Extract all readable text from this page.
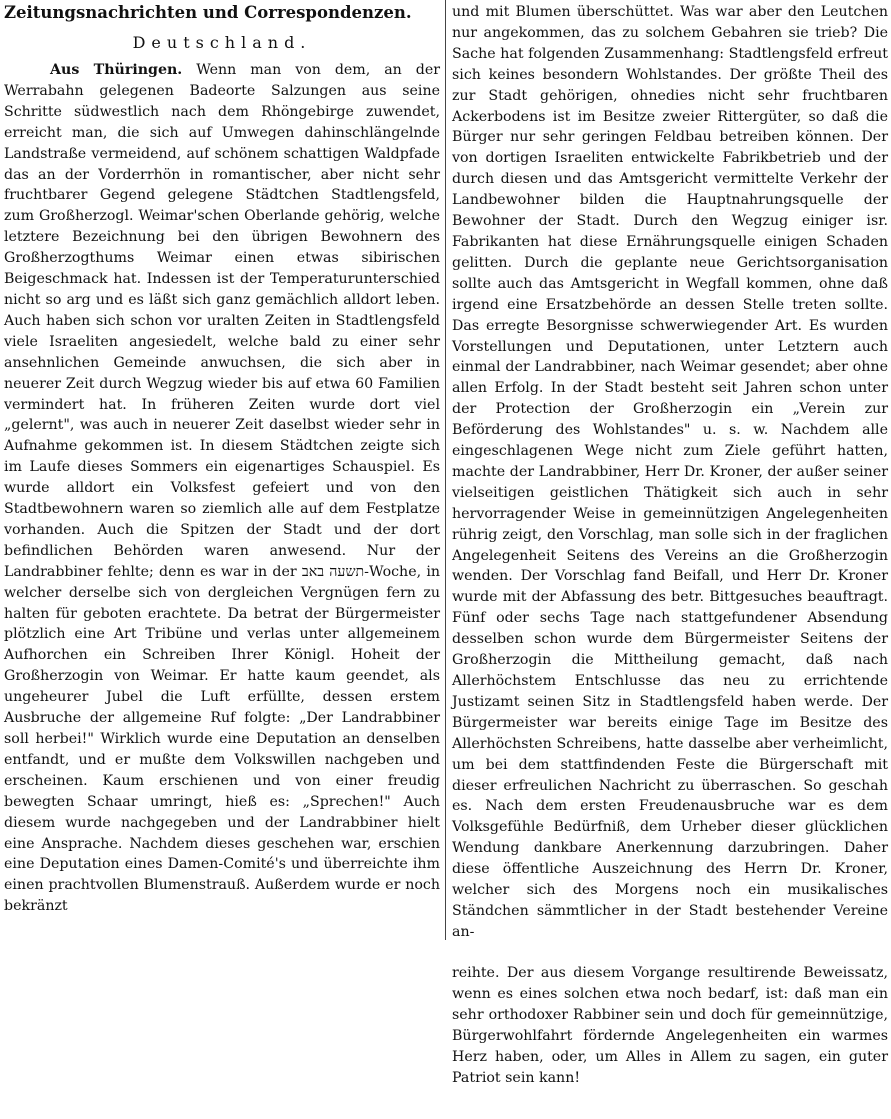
Zeitungsnachrichten und Correspondenzen.
Deutschland.

Aus Thüringen. Wenn man von dem, an der Werrabahn gelegenen Badeorte Salzungen aus seine Schritte südwestlich nach dem Rhöngebirge zuwendet, erreicht man, die sich auf Umwegen dahinschlängelnde Landstraße vermeidend, auf schönem schattigen Waldpfade das an der Vorderrhön in romantischer, aber nicht sehr fruchtbarer Gegend gelegene Städtchen Stadtlengsfeld, zum Großherzogl. Weimar'schen Oberlande gehörig, welche letztere Bezeichnung bei den übrigen Bewohnern des Großherzogthums Weimar einen etwas sibirischen Beigeschmack hat. Indessen ist der Temperaturunterschied nicht so arg und es läßt sich ganz gemächlich alldort leben. Auch haben sich schon vor uralten Zeiten in Stadtlengsfeld viele Israeliten angesiedelt, welche bald zu einer sehr ansehnlichen Gemeinde anwuchsen, die sich aber in neuerer Zeit durch Wegzug wieder bis auf etwa 60 Familien vermindert hat. In früheren Zeiten wurde dort viel „gelernt", was auch in neuerer Zeit daselbst wieder sehr in Aufnahme gekommen ist. In diesem Städtchen zeigte sich im Laufe dieses Sommers ein eigenartiges Schauspiel. Es wurde alldort ein Volksfest gefeiert und von den Stadtbewohnern waren so ziemlich alle auf dem Festplatze vorhanden. Auch die Spitzen der Stadt und der dort befindlichen Behörden waren anwesend. Nur der Landrabbiner fehlte; denn es war in der תשעה באב-Woche, in welcher derselbe sich von dergleichen Vergnügen fern zu halten für geboten erachtete. Da betrat der Bürgermeister plötzlich eine Art Tribüne und verlas unter allgemeinem Aufhorchen ein Schreiben Ihrer Königl. Hoheit der Großherzogin von Weimar. Er hatte kaum geendet, als ungeheurer Jubel die Luft erfüllte, dessen erstem Ausbruche der allgemeine Ruf folgte: „Der Landrabbiner soll herbei!" Wirklich wurde eine Deputation an denselben entfandt, und er mußte dem Volkswillen nachgeben und erscheinen. Kaum erschienen und von einer freudig bewegten Schaar umringt, hieß es: „Sprechen!" Auch diesem wurde nachgegeben und der Landrabbiner hielt eine Ansprache. Nachdem dieses geschehen war, erschien eine Deputation eines Damen-Comité's und überreichte ihm einen prachtvollen Blumenstrauß. Außerdem wurde er noch bekränzt

und mit Blumen überschüttet. Was war aber den Leutchen nur angekommen, das zu solchem Gebahren sie trieb? Die Sache hat folgenden Zusammenhang: Stadtlengsfeld erfreut sich keines besondern Wohlstandes. Der größte Theil des zur Stadt gehörigen, ohnedies nicht sehr fruchtbaren Ackerbodens ist im Besitze zweier Rittergüter, so daß die Bürger nur sehr geringen Feldbau betreiben können. Der von dortigen Israeliten entwickelte Fabrikbetrieb und der durch diesen und das Amtsgericht vermittelte Verkehr der Landbewohner bilden die Hauptnahrungsquelle der Bewohner der Stadt. Durch den Wegzug einiger isr. Fabrikanten hat diese Ernährungsquelle einigen Schaden gelitten. Durch die geplante neue Gerichtsorganisation sollte auch das Amtsgericht in Wegfall kommen, ohne daß irgend eine Ersatzbehörde an dessen Stelle treten sollte. Das erregte Besorgnisse schwerwiegender Art. Es wurden Vorstellungen und Deputationen, unter Letztern auch einmal der Landrabbiner, nach Weimar gesendet; aber ohne allen Erfolg. In der Stadt besteht seit Jahren schon unter der Protection der Großherzogin ein „Verein zur Beförderung des Wohlstandes" u. s. w. Nachdem alle eingeschlagenen Wege nicht zum Ziele geführt hatten, machte der Landrabbiner, Herr Dr. Kroner, der außer seiner vielseitigen geistlichen Thätigkeit sich auch in sehr hervorragender Weise in gemeinnützigen Angelegenheiten rührig zeigt, den Vorschlag, man solle sich in der fraglichen Angelegenheit Seitens des Vereins an die Großherzogin wenden. Der Vorschlag fand Beifall, und Herr Dr. Kroner wurde mit der Abfassung des betr. Bittgesuches beauftragt. Fünf oder sechs Tage nach stattgefundener Absendung desselben schon wurde dem Bürgermeister Seitens der Großherzogin die Mittheilung gemacht, daß nach Allerhöchstem Entschlusse das neu zu errichtende Justizamt seinen Sitz in Stadtlengsfeld haben werde. Der Bürgermeister war bereits einige Tage im Besitze des Allerhöchsten Schreibens, hatte dasselbe aber verheimlicht, um bei dem stattfindenden Feste die Bürgerschaft mit dieser erfreulichen Nachricht zu überraschen. So geschah es. Nach dem ersten Freudenausbruche war es dem Volksgefühle Bedürfniß, dem Urheber dieser glücklichen Wendung dankbare Anerkennung darzubringen. Daher diese öffentliche Auszeichnung des Herrn Dr. Kroner, welcher sich des Morgens noch ein musikalisches Ständchen sämmtlicher in der Stadt bestehender Vereine an-

reihte. Der aus diesem Vorgange resultirende Beweissatz, wenn es eines solchen etwa noch bedarf, ist: daß man ein sehr orthodoxer Rabbiner sein und doch für gemeinnützige, Bürgerwohlfahrt fördernde Angelegenheiten ein warmes Herz haben, oder, um Alles in Allem zu sagen, ein guter Patriot sein kann!
